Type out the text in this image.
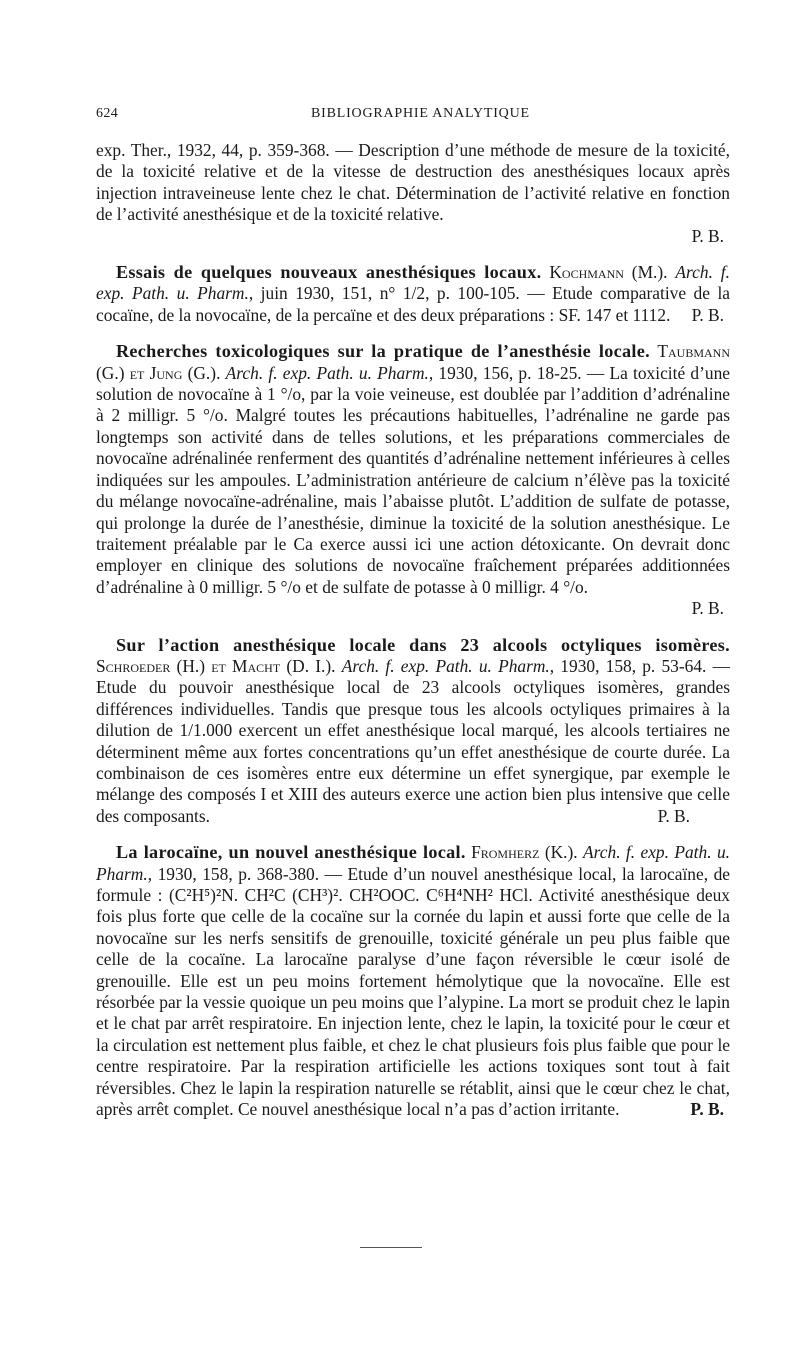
624	BIBLIOGRAPHIE ANALYTIQUE

exp. Ther., 1932, 44, p. 359-368. — Description d’une méthode de mesure de la toxicité, de la toxicité relative et de la vitesse de destruction des anesthésiques locaux après injection intraveineuse lente chez le chat. Détermination de l’activité relative en fonction de l’activité anesthésique et de la toxicité relative.

P. B.

Essais de quelques nouveaux anesthésiques locaux. Kochmann (M.). Arch. f. exp. Path. u. Pharm., juin 1930, 151, n° 1/2, p. 100-105. — Etude comparative de la cocaïne, de la novocaïne, de la percaïne et des deux préparations : SF. 147 et 1112.	P. B.

Recherches toxicologiques sur la pratique de l’anesthésie locale. Taubmann (G.) et Jung (G.). Arch. f. exp. Path. u. Pharm., 1930, 156, p. 18-25. — La toxicité d’une solution de novocaïne à 1 °/o, par la voie veineuse, est doublée par l’addition d’adrénaline à 2 milligr. 5 °/o. Malgré toutes les précautions habituelles, l’adrénaline ne garde pas longtemps son activité dans de telles solutions, et les préparations commerciales de novocaïne adrénalinée renferment des quantités d’adrénaline nettement inférieures à celles indiquées sur les ampoules. L’administration antérieure de calcium n’élève pas la toxicité du mélange novocaïne-adrénaline, mais l’abaisse plutôt. L’addition de sulfate de potasse, qui prolonge la durée de l’anesthésie, diminue la toxicité de la solution anesthésique. Le traitement préalable par le Ca exerce aussi ici une action détoxicante. On devrait donc employer en clinique des solutions de novocaïne fraîchement préparées additionnées d’adrénaline à 0 milligr. 5 °/o et de sulfate de potasse à 0 milligr. 4 °/o.

P. B.

Sur l’action anesthésique locale dans 23 alcools octyliques isomères. Schroeder (H.) et Macht (D. I.). Arch. f. exp. Path. u. Pharm., 1930, 158, p. 53-64. — Etude du pouvoir anesthésique local de 23 alcools octyliques isomères, grandes différences individuelles. Tandis que presque tous les alcools octyliques primaires à la dilution de 1/1.000 exercent un effet anesthésique local marqué, les alcools tertiaires ne déterminent même aux fortes concentrations qu’un effet anesthésique de courte durée. La combinaison de ces isomères entre eux détermine un effet synergique, par exemple le mélange des composés I et XIII des auteurs exerce une action bien plus intensive que celle des composants.	P. B.

La larocaïne, un nouvel anesthésique local. Fromherz (K.). Arch. f. exp. Path. u. Pharm., 1930, 158, p. 368-380. — Etude d’un nouvel anesthésique local, la larocaïne, de formule : (C²H⁵)²N. CH²C (CH³)². CH²OOC. C⁶H⁴NH² HCl. Activité anesthésique deux fois plus forte que celle de la cocaïne sur la cornée du lapin et aussi forte que celle de la novocaïne sur les nerfs sensitifs de grenouille, toxicité générale un peu plus faible que celle de la cocaïne. La larocaïne paralyse d’une façon réversible le cœur isolé de grenouille. Elle est un peu moins fortement hémolytique que la novocaïne. Elle est résorbée par la vessie quoique un peu moins que l’alypine. La mort se produit chez le lapin et le chat par arrêt respiratoire. En injection lente, chez le lapin, la toxicité pour le cœur et la circulation est nettement plus faible, et chez le chat plusieurs fois plus faible que pour le centre respiratoire. Par la respiration artificielle les actions toxiques sont tout à fait réversibles. Chez le lapin la respiration naturelle se rétablit, ainsi que le cœur chez le chat, après arrêt complet. Ce nouvel anesthésique local n’a pas d’action irritante.	P. B.
